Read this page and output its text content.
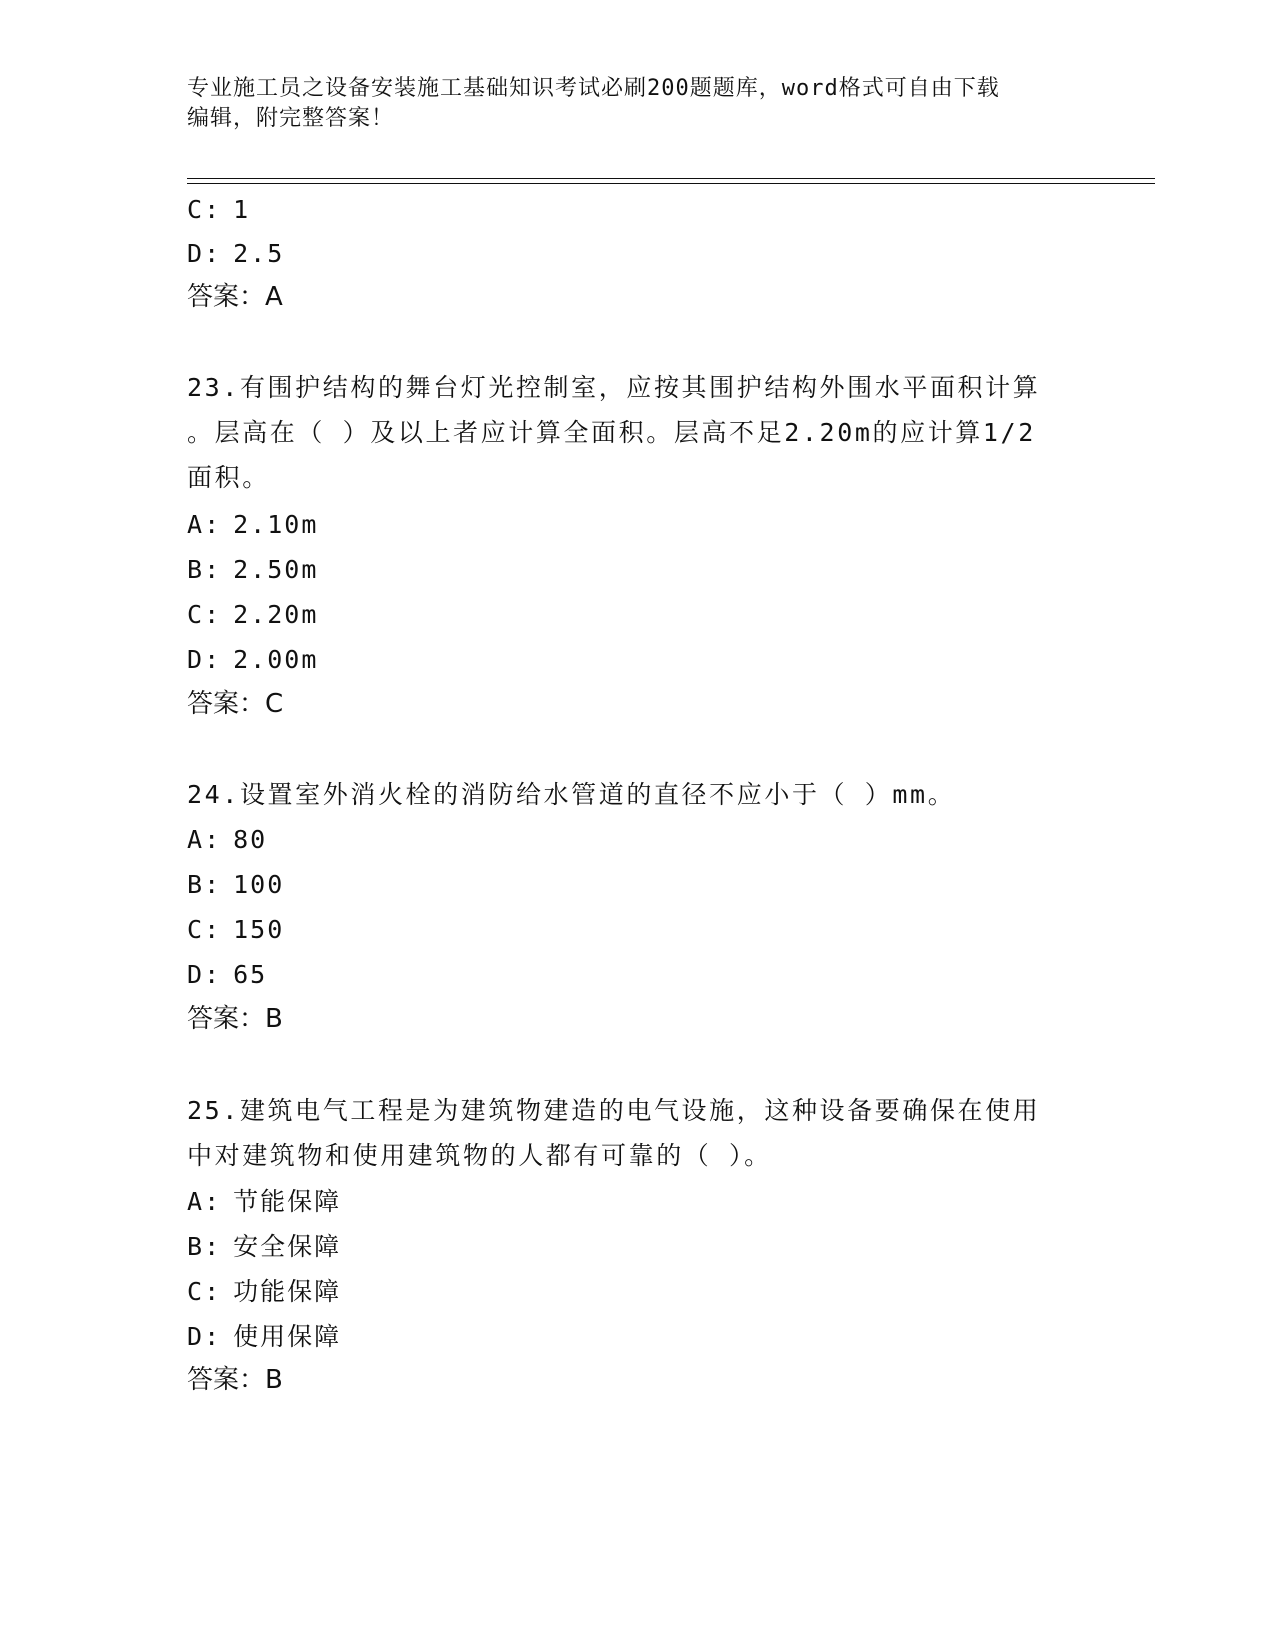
专业施工员之设备安装施工基础知识考试必刷200题题库，word格式可自由下载
编辑，附完整答案！
C: 1
D: 2.5
答案：A
23.有围护结构的舞台灯光控制室，应按其围护结构外围水平面积计算
。层高在（ ）及以上者应计算全面积。层高不足2.20m的应计算1/2
面积。
A: 2.10m
B: 2.50m
C: 2.20m
D: 2.00m
答案：C
24.设置室外消火栓的消防给水管道的直径不应小于（ ）mm。
A: 80
B: 100
C: 150
D: 65
答案：B
25.建筑电气工程是为建筑物建造的电气设施，这种设备要确保在使用
中对建筑物和使用建筑物的人都有可靠的（ ）。
A: 节能保障
B: 安全保障
C: 功能保障
D: 使用保障
答案：B
